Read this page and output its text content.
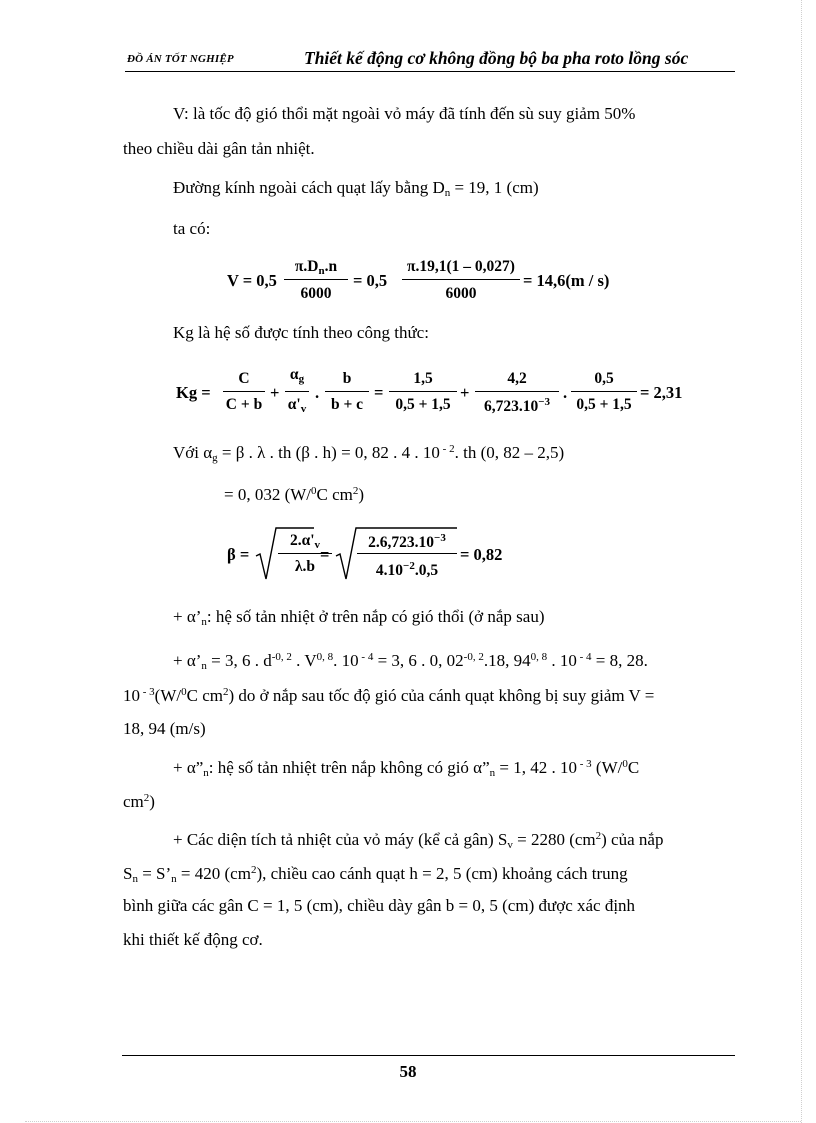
ĐỒ ÁN TỐT NGHIỆP	Thiết kế động cơ không đồng bộ ba pha roto lồng sóc
V: là tốc độ gió thổi mặt ngoài vỏ máy đã tính đến sù suy giảm 50%
theo chiều dài gân tản nhiệt.
Đường kính ngoài cách quạt lấy bằng $D_n = 19$, 1 (cm)
ta có:
V = 0,5
$\pi.D_n.n$
6000
= 0,5
π.19,1(1 – 0,027)
6000
= 14,6(m / s)
Kg là hệ số được tính theo công thức:
Kg =
C
C + b
+
$\alpha_g$
$\alpha'_v$
.
b
b + c
=
1,5
0,5 + 1,5
+
4,2
$6,723.10^{-3}$ .
0,5
0,5 + 1,5
= 2,31
Với $\alpha_g = \beta$ . λ . th (β . h) = 0, 82 . 4 . 10 $^{- 2}$. th (0, 82 – 2,5)
= 0, 032 (W/$^0$C $cm^2$)
β =
$2.\alpha'_v$
λ.b
=
$2.6,723.10^{-3}$
$4.10^{-2}.0,5$
= 0,82
+ $\alpha’_n$: hệ số tản nhiệt ở trên nắp có gió thổi (ở nắp sau)
+ $\alpha’_n = 3$, 6 . $d^{-0, 2}$ . V$^{0, 8}$. 10 $^{- 4}$ = 3, 6 . 0, $02^{-0, 2}.18$, 94$^{0, 8}$ . 10 $^{- 4}$ = 8, 28.
10 $^{- 3}$(W/$^0$C $cm^2$) do ở nắp sau tốc độ gió của cánh quạt không bị suy giảm V =
18, 94 (m/s)
+ $\alpha”_n$: hệ số tản nhiệt trên nắp không có gió $\alpha”_n = 1$, 42 . 10 $^{- 3}$ (W/$^0$C
$cm^2$)
+ Các diện tích tả nhiệt của vỏ máy (kể cả gân) $S_v = 2280$ $(cm^2)$ của nắp
$S_n$ = $S’_n = 420$ $(cm^2)$, chiều cao cánh quạt h = 2, 5 (cm) khoảng cách trung
bình giữa các gân C = 1, 5 (cm), chiều dày gân b = 0, 5 (cm) được xác định
khi thiết kế động cơ.
58
